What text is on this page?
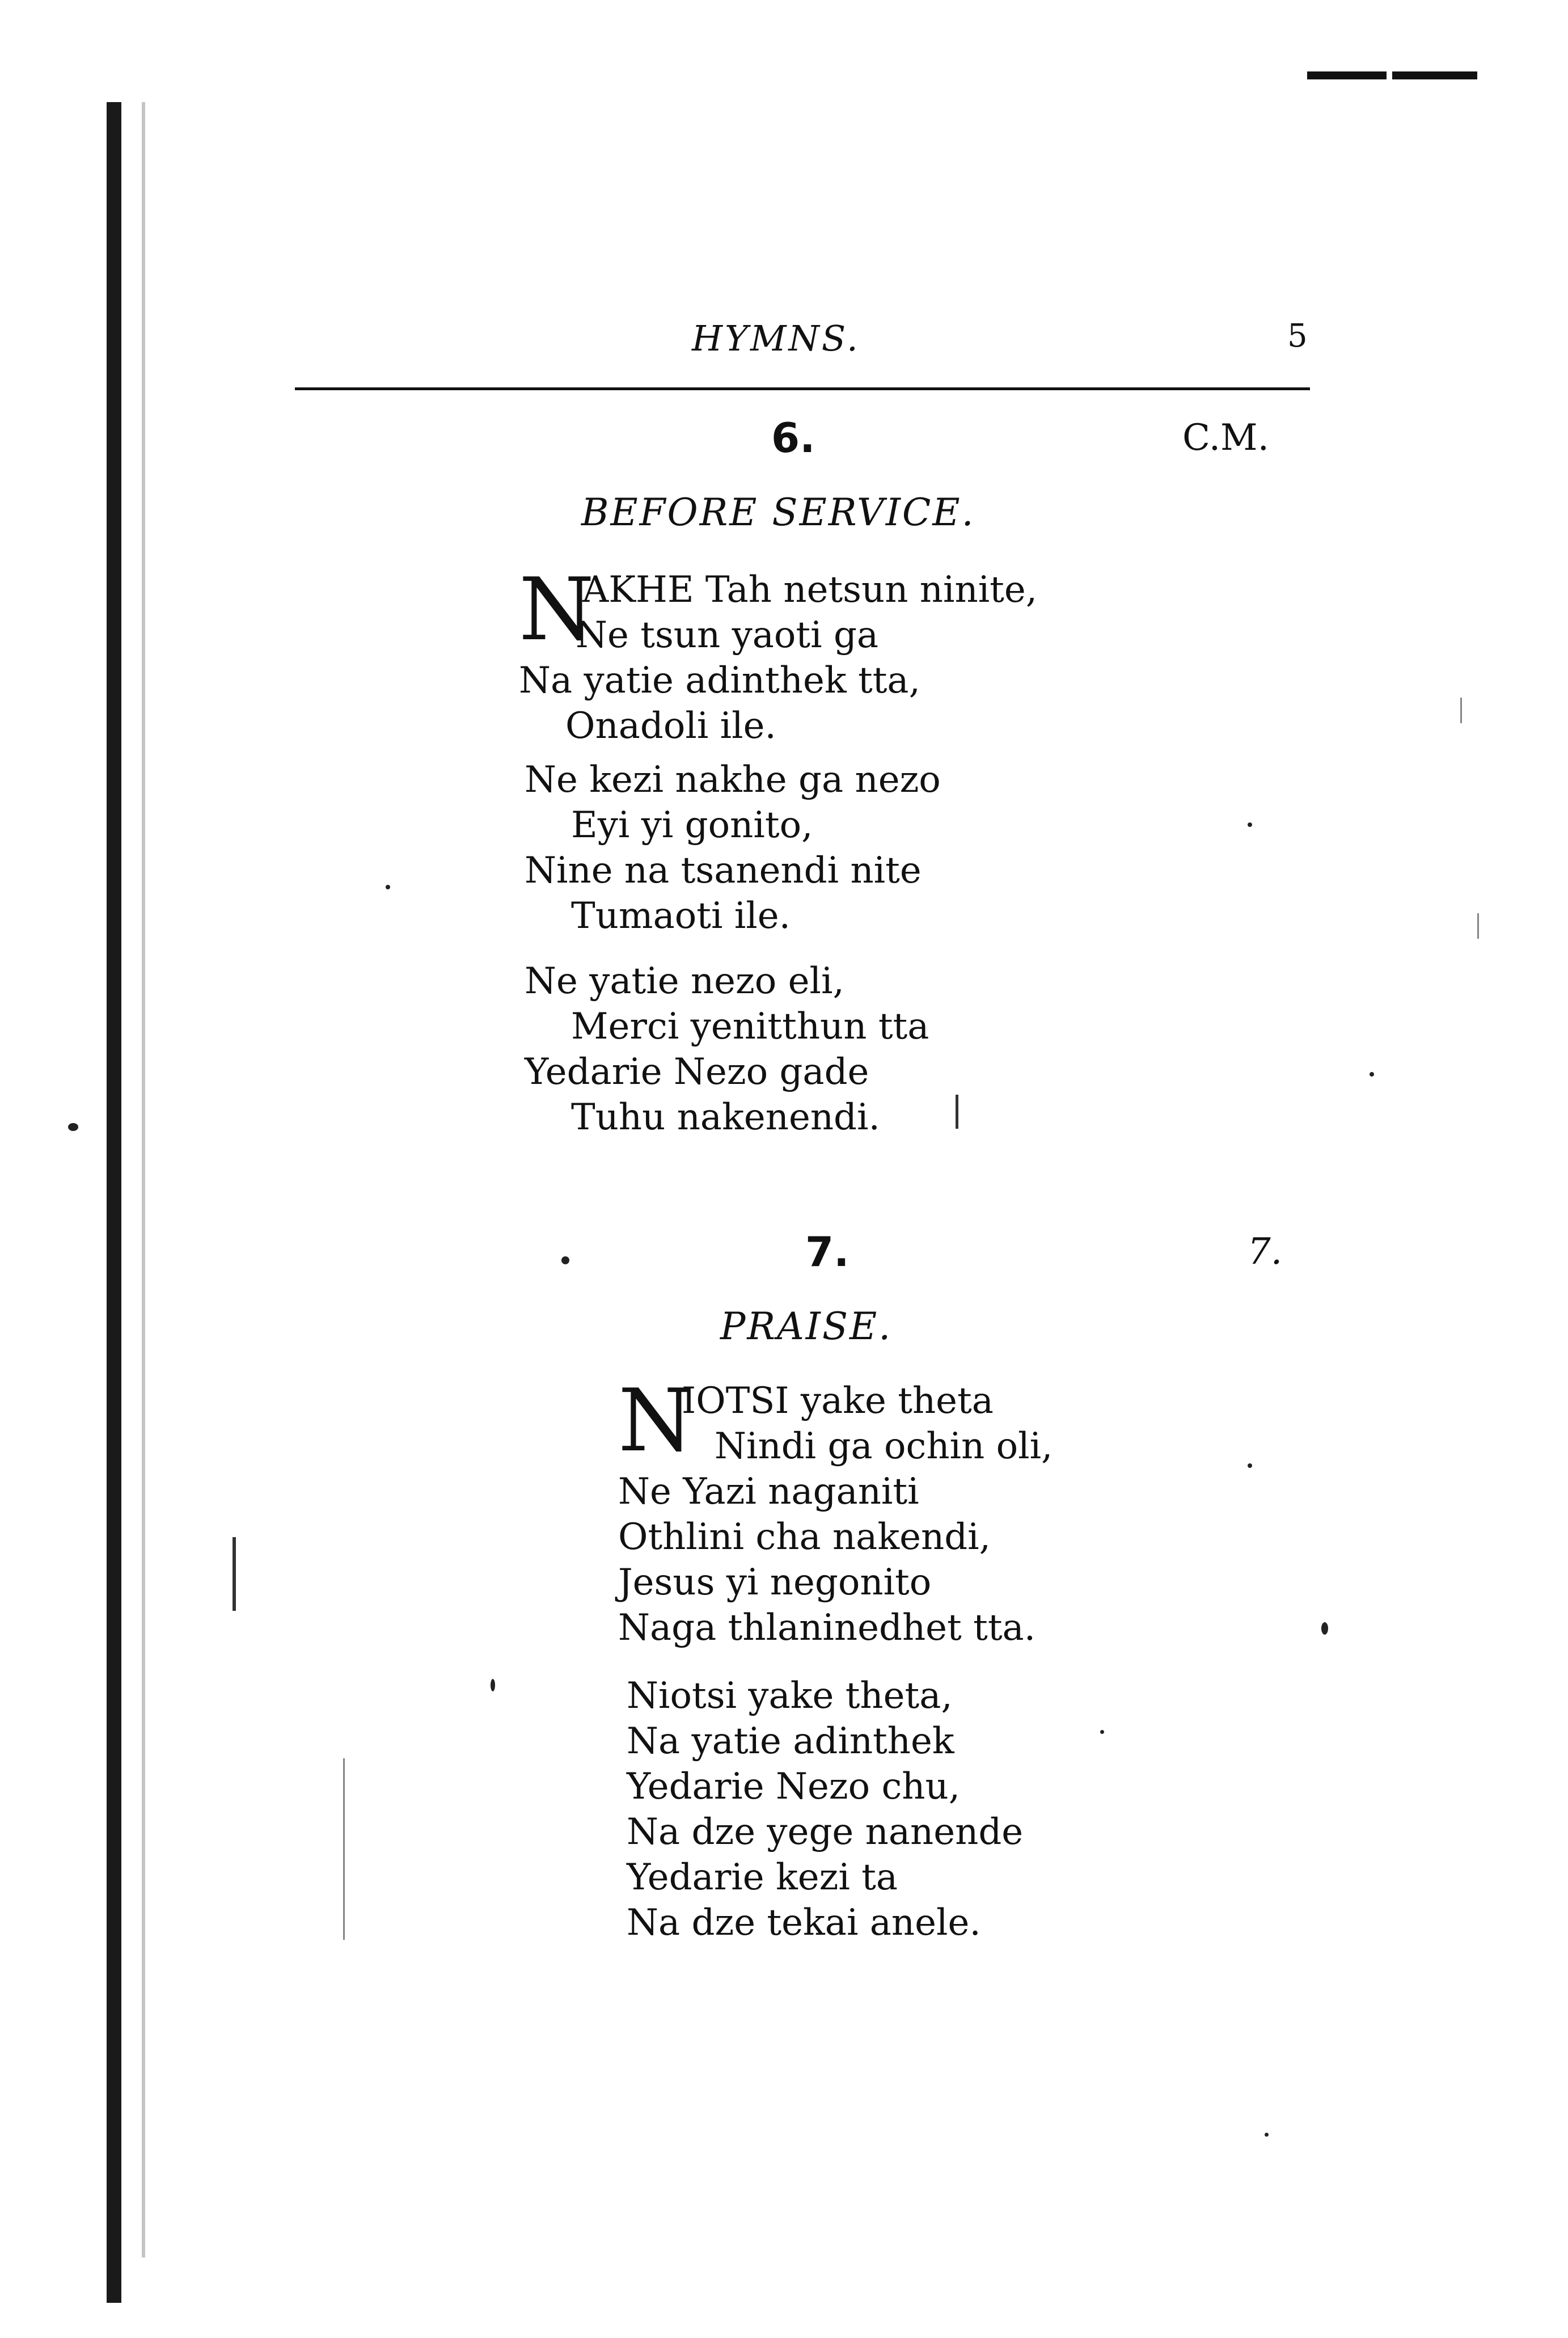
HYMNS.	5
6.	C.M.
BEFORE SERVICE.
N
AKHE Tah netsun ninite,
Ne tsun yaoti ga
Na yatie adinthek tta,
Onadoli ile.
Ne kezi nakhe ga nezo
Eyi yi gonito,
Nine na tsanendi nite
Tumaoti ile.
Ne yatie nezo eli,
Merci yenitthun tta
Yedarie Nezo gade
Tuhu nakenendi.
7.	7.
PRAISE.
N
IOTSI yake theta
Nindi ga ochin oli,
Ne Yazi naganiti
Othlini cha nakendi,
Jesus yi negonito
Naga thlaninedhet tta.
Niotsi yake theta,
Na yatie adinthek
Yedarie Nezo chu,
Na dze yege nanende
Yedarie kezi ta
Na dze tekai anele.
